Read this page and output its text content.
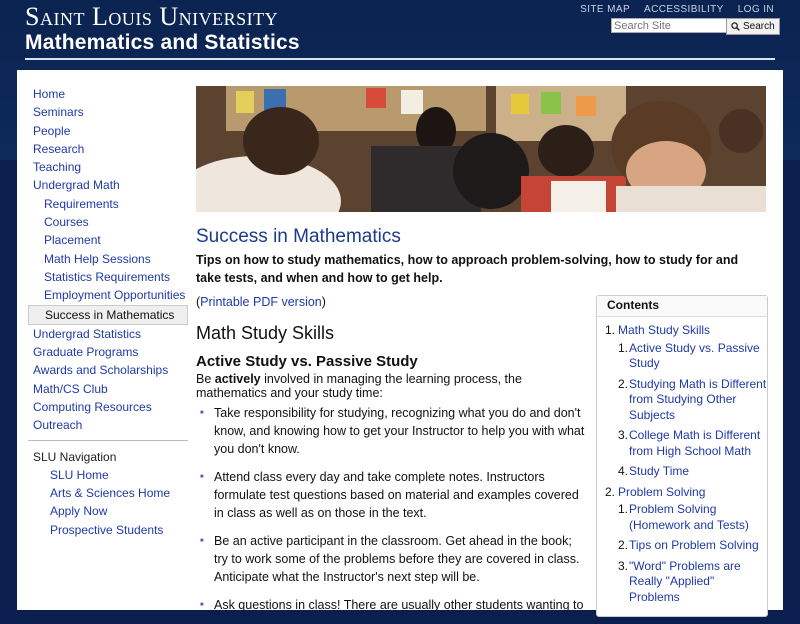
Saint Louis University
Mathematics and Statistics
SITE MAP ACCESSIBILITY LOG IN
Search Site
Search
Home
Seminars
People
Research
Teaching
Undergrad Math
Requirements
Courses
Placement
Math Help Sessions
Statistics Requirements
Employment Opportunities
Success in Mathematics
Undergrad Statistics
Graduate Programs
Awards and Scholarships
Math/CS Club
Computing Resources
Outreach
SLU Navigation
SLU Home
Arts & Sciences Home
Apply Now
Prospective Students
Success in Mathematics
Tips on how to study mathematics, how to approach problem-solving, how to study for and take tests, and when and how to get help.
(Printable PDF version)
Math Study Skills
Active Study vs. Passive Study
Be actively involved in managing the learning process, the mathematics and your study time:
■ Take responsibility for studying, recognizing what you do and don't know, and knowing how to get your Instructor to help you with what you don't know.
■ Attend class every day and take complete notes. Instructors formulate test questions based on material and examples covered in class as well as on those in the text.
■ Be an active participant in the classroom. Get ahead in the book; try to work some of the problems before they are covered in class. Anticipate what the Instructor's next step will be.
■ Ask questions in class! There are usually other students wanting to
Contents
1. Math Study Skills
1. Active Study vs. Passive Study
2. Studying Math is Different from Studying Other Subjects
3. College Math is Different from High School Math
4. Study Time
2. Problem Solving
1. Problem Solving (Homework and Tests)
2. Tips on Problem Solving
3. "Word" Problems are Really "Applied" Problems
